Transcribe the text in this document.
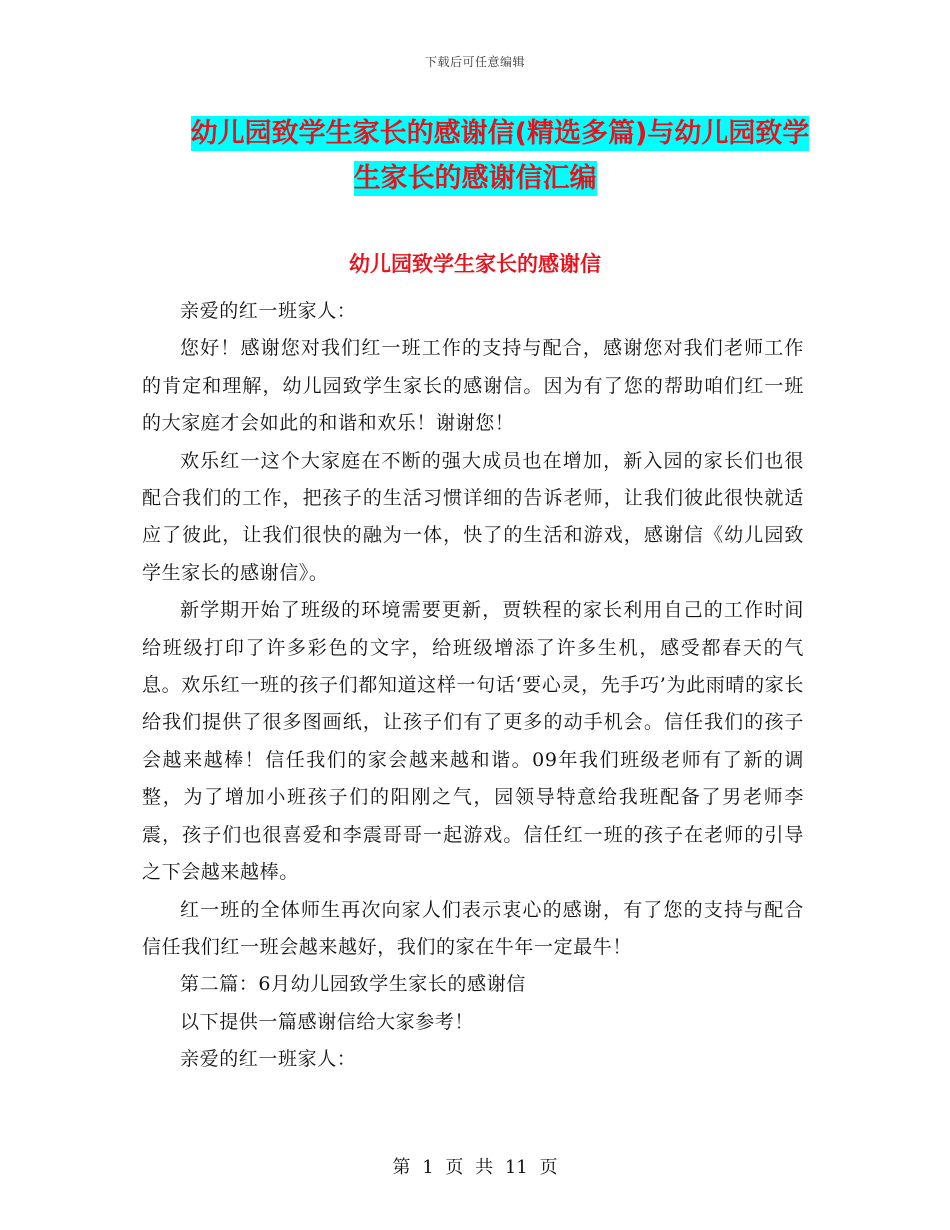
下载后可任意编辑
幼儿园致学生家长的感谢信(精选多篇)与幼儿园致学
生家长的感谢信汇编
幼儿园致学生家长的感谢信

亲爱的红一班家人：

您好！感谢您对我们红一班工作的支持与配合，感谢您对我们老师工作的肯定和理解，幼儿园致学生家长的感谢信。因为有了您的帮助咱们红一班的大家庭才会如此的和谐和欢乐！谢谢您！

欢乐红一这个大家庭在不断的强大成员也在增加，新入园的家长们也很配合我们的工作，把孩子的生活习惯详细的告诉老师，让我们彼此很快就适应了彼此，让我们很快的融为一体，快了的生活和游戏，感谢信《幼儿园致学生家长的感谢信》。

新学期开始了班级的环境需要更新，贾轶程的家长利用自己的工作时间给班级打印了许多彩色的文字，给班级增添了许多生机，感受都春天的气息。欢乐红一班的孩子们都知道这样一句话‘要心灵，先手巧’为此雨晴的家长给我们提供了很多图画纸，让孩子们有了更多的动手机会。信任我们的孩子会越来越棒！信任我们的家会越来越和谐。09年我们班级老师有了新的调整，为了增加小班孩子们的阳刚之气，园领导特意给我班配备了男老师李震，孩子们也很喜爱和李震哥哥一起游戏。信任红一班的孩子在老师的引导之下会越来越棒。

红一班的全体师生再次向家人们表示衷心的感谢，有了您的支持与配合信任我们红一班会越来越好，我们的家在牛年一定最牛！

第二篇：6月幼儿园致学生家长的感谢信

以下提供一篇感谢信给大家参考！

亲爱的红一班家人：

第 1 页 共 11 页
